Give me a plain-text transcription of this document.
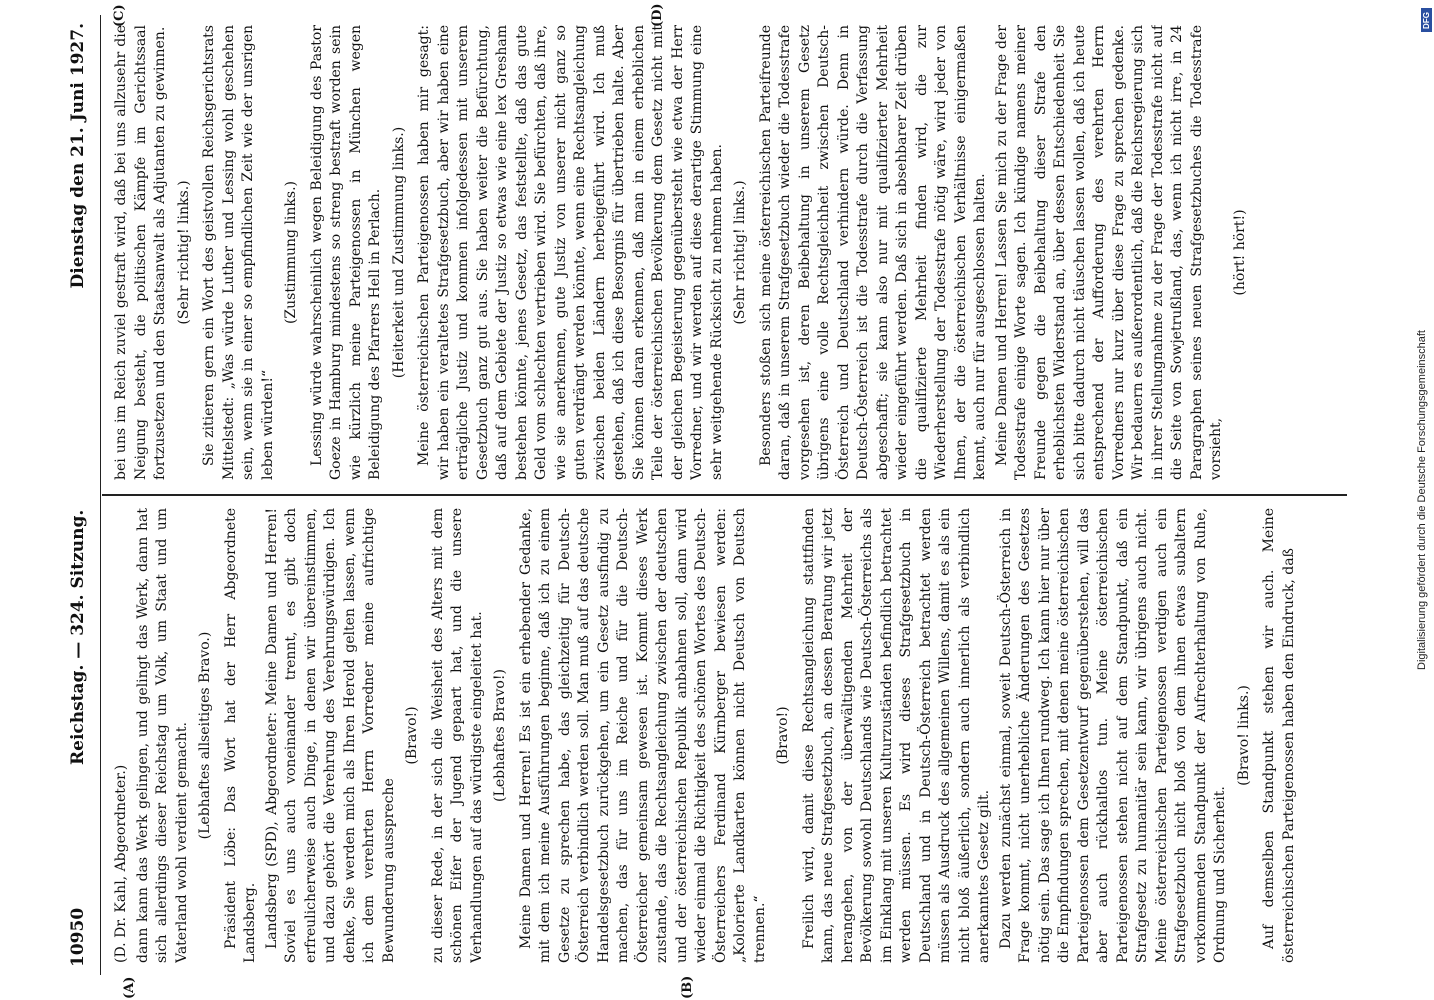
10950
Reichstag. — 324. Sitzung.
Dienstag den 21. Juni 1927.
(A)	(B)
(C)	(D)

(D. Dr. Kahl, Abgeordneter.) dann kann das Werk gelingen, und gelingt das Werk, dann hat sich allerdings dieser Reichstag um Volk, um Staat und um Vaterland wohl verdient gemacht. (Lebhaftes allseitiges Bravo.) Präsident Löbe: Das Wort hat der Herr Abgeordnete Landsberg. Landsberg (SPD), Abgeordneter: Meine Damen und Herren! Soviel es uns auch voneinander trennt, es gibt doch erfreulicherweise auch Dinge, in denen wir übereinstimmen, und dazu gehört die Verehrung des Verehrungswürdigen. Ich denke, Sie werden mich als Ihren Herold gelten lassen, wenn ich dem verehrten Herrn Vorredner meine aufrichtige Bewunderung ausspreche

(Bravo!) zu dieser Rede, in der sich die Weisheit des Alters mit dem schönen Eifer der Jugend gepaart hat, und die unsere Verhandlungen auf das würdigste eingeleitet hat. (Lebhaftes Bravo!) Meine Damen und Herren! Es ist ein erhebender Gedanke, mit dem ich meine Ausführungen beginne, daß ich zu einem Gesetze zu sprechen habe, das gleichzeitig für Deutsch-Österreich verbindlich werden soll. Man muß auf das deutsche Handelsgesetzbuch zurückgehen, um ein Gesetz ausfindig zu machen, das für uns im Reiche und für die Deutsch-Österreicher gemeinsam gewesen ist. Kommt dieses Werk zustande, das die Rechtsangleichung zwischen der deutschen und der österreichischen Republik anbahnen soll, dann wird wieder einmal die Richtigkeit des schönen Wortes des Deutsch-Österreichers Ferdinand Kürnberger bewiesen werden: „Kolorierte Landkarten können nicht Deutsch von Deutsch trennen.“

(Bravo!) Freilich wird, damit diese Rechtsangleichung stattfinden kann, das neue Strafgesetzbuch, an dessen Beratung wir jetzt herangehen, von der überwältigenden Mehrheit der Bevölkerung sowohl Deutschlands wie Deutsch-Österreichs als im Einklang mit unseren Kulturzuständen befindlich betrachtet werden müssen. Es wird dieses Strafgesetzbuch in Deutschland und in Deutsch-Österreich betrachtet werden müssen als Ausdruck des allgemeinen Willens, damit es als ein nicht bloß äußerlich, sondern auch innerlich als verbindlich anerkanntes Gesetz gilt. Dazu werden zunächst einmal, soweit Deutsch-Österreich in Frage kommt, nicht unerhebliche Änderungen des Gesetzes nötig sein. Das sage ich Ihnen rundweg. Ich kann hier nur über die Empfindungen sprechen, mit denen meine österreichischen Parteigenossen dem Gesetzentwurf gegenüberstehen, will das aber auch rückhaltlos tun. Meine österreichischen Parteigenossen stehen nicht auf dem Standpunkt, daß ein Strafgesetz zu humanitär sein kann, wir übrigens auch nicht. Meine österreichischen Parteigenossen verdigen auch ein Strafgesetzbuch nicht bloß von dem ihnen etwas subaltern vorkommenden Standpunkt der Aufrechterhaltung von Ruhe, Ordnung und Sicherheit.

(Bravo! links.) Auf demselben Standpunkt stehen wir auch. Meine österreichischen Parteigenossen haben den Eindruck, daß

bei uns im Reich zuviel gestraft wird, daß bei uns allzusehr die Neigung besteht, die politischen Kämpfe im Gerichtssaal fortzusetzen und den Staatsanwalt als Adjutanten zu gewinnen. (Sehr richtig! links.) Sie zitieren gern ein Wort des geistvollen Reichsgerichtsrats Mittelstedt: „Was würde Luther und Lessing wohl geschehen sein, wenn sie in einer so empfindlichen Zeit wie der unsrigen leben würden!“

(Zustimmung links.) Lessing würde wahrscheinlich wegen Beleidigung des Pastor Goeze in Hamburg mindestens so streng bestraft worden sein wie kürzlich meine Parteigenossen in München wegen Beleidigung des Pfarrers Hell in Perlach. (Heiterkeit und Zustimmung links.) Meine österreichischen Parteigenossen haben mir gesagt: wir haben ein veraltetes Strafgesetzbuch, aber wir haben eine erträgliche Justiz und kommen infolgedessen mit unserem Gesetzbuch ganz gut aus. Sie haben weiter die Befürchtung, daß auf dem Gebiete der Justiz so etwas wie eine lex Gresham bestehen könnte, jenes Gesetz, das feststellte, daß das gute Geld vom schlechten vertrieben wird. Sie befürchten, daß ihre, wie sie anerkennen, gute Justiz von unserer nicht ganz so guten verdrängt werden könnte, wenn eine Rechtsangleichung zwischen beiden Ländern herbeigeführt wird. Ich muß gestehen, daß ich diese Besorgnis für übertrieben halte. Aber Sie können daran erkennen, daß man in einem erheblichen Teile der österreichischen Bevölkerung dem Gesetz nicht mit der gleichen Begeisterung gegenübersteht wie etwa der Herr Vorredner, und wir werden auf diese derartige Stimmung eine sehr weitgehende Rücksicht zu nehmen haben. (Sehr richtig! links.) Besonders stoßen sich meine österreichischen Parteifreunde daran, daß in unserem Strafgesetzbuch wieder die Todesstrafe vorgesehen ist, deren Beibehaltung in unserem Gesetz übrigens eine volle Rechtsgleichheit zwischen Deutsch-Österreich und Deutschland verhindern würde. Denn in Deutsch-Österreich ist die Todesstrafe durch die Verfassung abgeschafft; sie kann also nur mit qualifizierter Mehrheit wieder eingeführt werden. Daß sich in absehbarer Zeit drüben die qualifizierte Mehrheit finden wird, die zur Wiederherstellung der Todesstrafe nötig wäre, wird jeder von Ihnen, der die österreichischen Verhältnisse einigermaßen kennt, auch nur für ausgeschlossen halten. Meine Damen und Herren! Lassen Sie mich zu der Frage der Todesstrafe einige Worte sagen. Ich kündige namens meiner Freunde gegen die Beibehaltung dieser Strafe den erheblichsten Widerstand an, über dessen Entschiedenheit Sie sich bitte dadurch nicht täuschen lassen wollen, daß ich heute entsprechend der Aufforderung des verehrten Herrn Vorredners nur kurz über diese Frage zu sprechen gedenke. Wir bedauern es außerordentlich, daß die Reichsregierung sich in ihrer Stellungnahme zu der Frage der Todesstrafe nicht auf die Seite von Sowjetrußland, das, wenn ich nicht irre, in 24 Paragraphen seines neuen Strafgesetzbuches die Todesstrafe vorsieht,

(hört! hört!)

Digitalisierung gefördert durch die Deutsche Forschungsgemeinschaft
DFG
